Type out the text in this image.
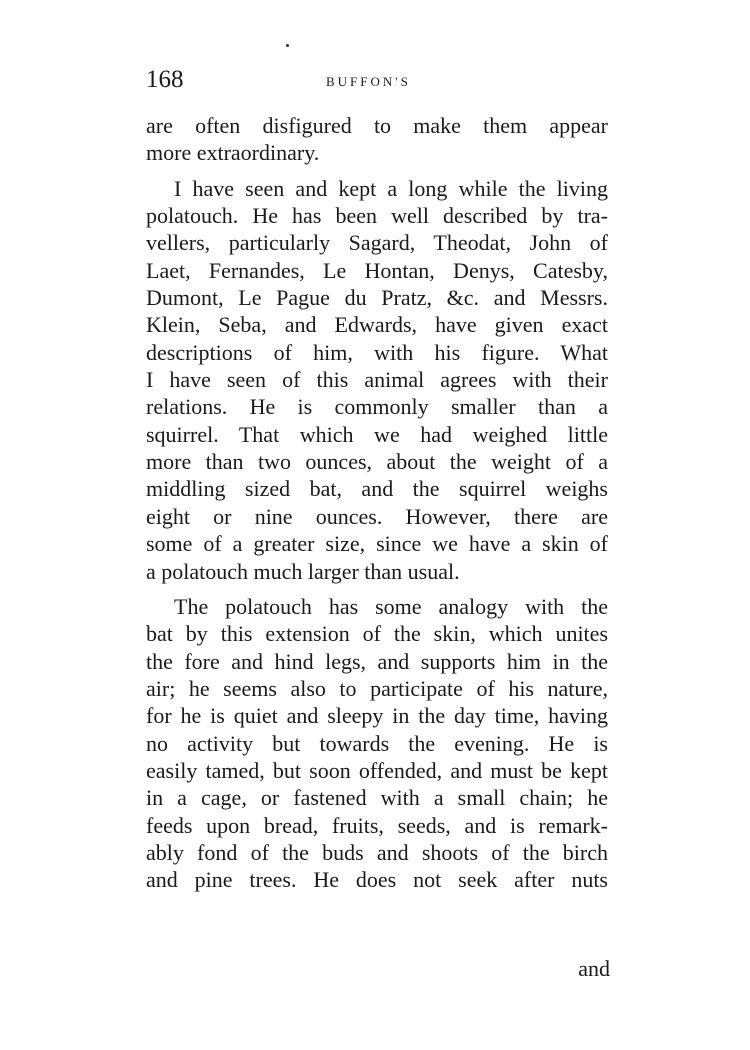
168	BUFFON'S
are often disfigured to make them appear
more extraordinary.
I have seen and kept a long while the living
polatouch. He has been well described by tra-
vellers, particularly Sagard, Theodat, John of
Laet, Fernandes, Le Hontan, Denys, Catesby,
Dumont, Le Pague du Pratz, &c. and Messrs.
Klein, Seba, and Edwards, have given exact
descriptions of him, with his figure. What
I have seen of this animal agrees with their
relations. He is commonly smaller than a
squirrel. That which we had weighed little
more than two ounces, about the weight of a
middling sized bat, and the squirrel weighs
eight or nine ounces. However, there are
some of a greater size, since we have a skin of
a polatouch much larger than usual.
The polatouch has some analogy with the
bat by this extension of the skin, which unites
the fore and hind legs, and supports him in the
air; he seems also to participate of his nature,
for he is quiet and sleepy in the day time, having
no activity but towards the evening. He is
easily tamed, but soon offended, and must be kept
in a cage, or fastened with a small chain; he
feeds upon bread, fruits, seeds, and is remark-
ably fond of the buds and shoots of the birch
and pine trees. He does not seek after nuts
and
